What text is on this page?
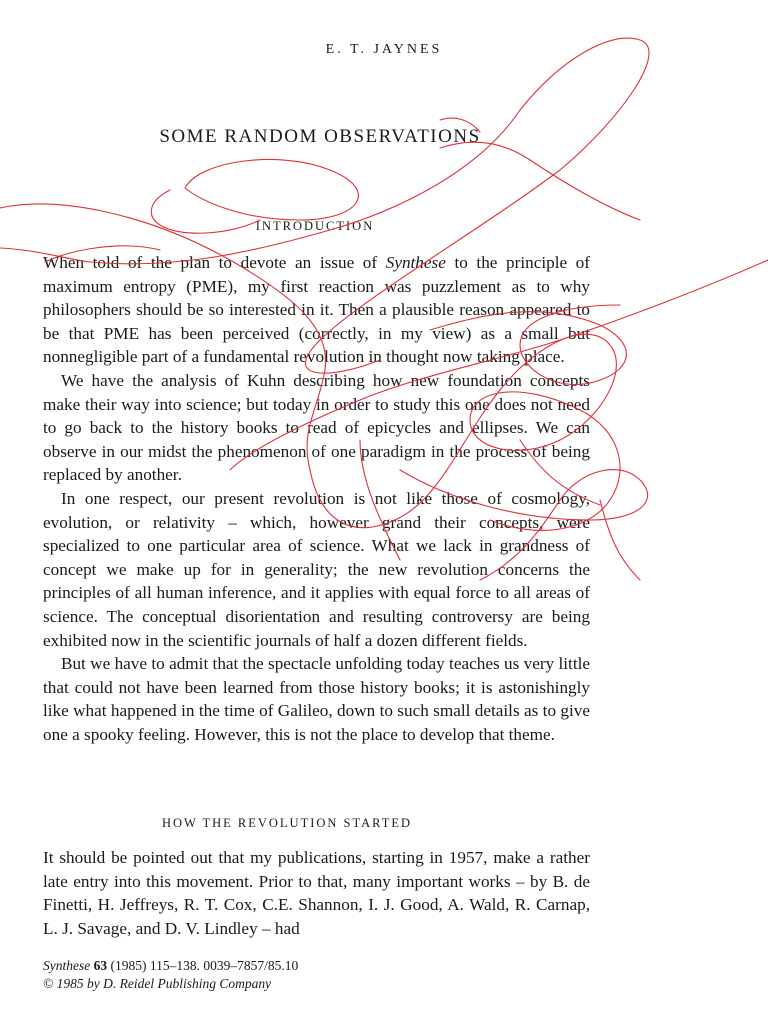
E. T. JAYNES
SOME RANDOM OBSERVATIONS
INTRODUCTION

When told of the plan to devote an issue of Synthese to the principle of maximum entropy (PME), my first reaction was puzzlement as to why philosophers should be so interested in it. Then a plausible reason appeared to be that PME has been perceived (correctly, in my view) as a small but nonnegligible part of a fundamental revolution in thought now taking place.

We have the analysis of Kuhn describing how new foundation concepts make their way into science; but today in order to study this one does not need to go back to the history books to read of epicycles and ellipses. We can observe in our midst the phenomenon of one paradigm in the process of being replaced by another.

In one respect, our present revolution is not like those of cosmology, evolution, or relativity – which, however grand their concepts, were specialized to one particular area of science. What we lack in grandness of concept we make up for in generality; the new revolution concerns the principles of all human inference, and it applies with equal force to all areas of science. The conceptual disorientation and resulting controversy are being exhibited now in the scientific journals of half a dozen different fields.

But we have to admit that the spectacle unfolding today teaches us very little that could not have been learned from those history books; it is astonishingly like what happened in the time of Galileo, down to such small details as to give one a spooky feeling. However, this is not the place to develop that theme.

HOW THE REVOLUTION STARTED

It should be pointed out that my publications, starting in 1957, make a rather late entry into this movement. Prior to that, many important works – by B. de Finetti, H. Jeffreys, R. T. Cox, C.E. Shannon, I. J. Good, A. Wald, R. Carnap, L. J. Savage, and D. V. Lindley – had

Synthese 63 (1985) 115–138. 0039–7857/85.10
© 1985 by D. Reidel Publishing Company
